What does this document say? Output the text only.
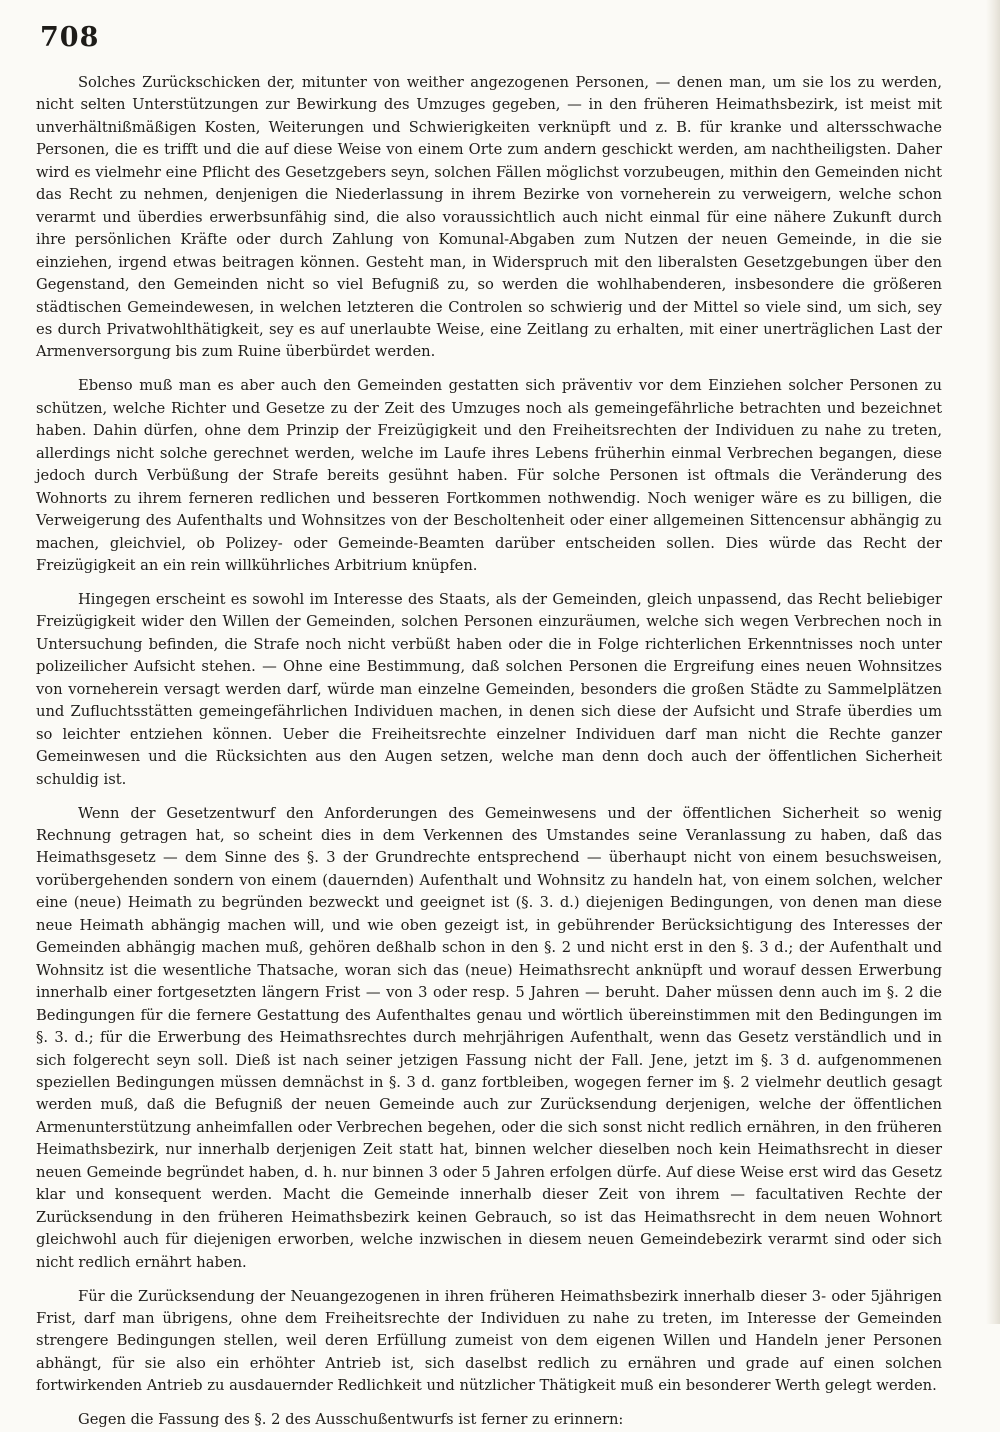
708

Solches Zurückschicken der, mitunter von weither angezogenen Personen, — denen man, um sie los zu werden, nicht selten Unterstützungen zur Bewirkung des Umzuges gegeben, — in den früheren Heimathsbezirk, ist meist mit unverhältnißmäßigen Kosten, Weiterungen und Schwierigkeiten verknüpft und z. B. für kranke und altersschwache Personen, die es trifft und die auf diese Weise von einem Orte zum andern geschickt werden, am nachtheiligsten. Daher wird es vielmehr eine Pflicht des Gesetzgebers seyn, solchen Fällen möglichst vorzubeugen, mithin den Gemeinden nicht das Recht zu nehmen, denjenigen die Niederlassung in ihrem Bezirke von vorneherein zu verweigern, welche schon verarmt und überdies erwerbsunfähig sind, die also voraussichtlich auch nicht einmal für eine nähere Zukunft durch ihre persönlichen Kräfte oder durch Zahlung von Komunal-Abgaben zum Nutzen der neuen Gemeinde, in die sie einziehen, irgend etwas beitragen können. Gesteht man, in Widerspruch mit den liberalsten Gesetzgebungen über den Gegenstand, den Gemeinden nicht so viel Befugniß zu, so werden die wohlhabenderen, insbesondere die größeren städtischen Gemeindewesen, in welchen letzteren die Controlen so schwierig und der Mittel so viele sind, um sich, sey es durch Privatwohlthätigkeit, sey es auf unerlaubte Weise, eine Zeitlang zu erhalten, mit einer unerträglichen Last der Armenversorgung bis zum Ruine überbürdet werden.

Ebenso muß man es aber auch den Gemeinden gestatten sich präventiv vor dem Einziehen solcher Personen zu schützen, welche Richter und Gesetze zu der Zeit des Umzuges noch als gemeingefährliche betrachten und bezeichnet haben. Dahin dürfen, ohne dem Prinzip der Freizügigkeit und den Freiheitsrechten der Individuen zu nahe zu treten, allerdings nicht solche gerechnet werden, welche im Laufe ihres Lebens früherhin einmal Verbrechen begangen, diese jedoch durch Verbüßung der Strafe bereits gesühnt haben. Für solche Personen ist oftmals die Veränderung des Wohnorts zu ihrem ferneren redlichen und besseren Fortkommen nothwendig. Noch weniger wäre es zu billigen, die Verweigerung des Aufenthalts und Wohnsitzes von der Bescholtenheit oder einer allgemeinen Sittencensur abhängig zu machen, gleichviel, ob Polizey- oder Gemeinde-Beamten darüber entscheiden sollen. Dies würde das Recht der Freizügigkeit an ein rein willkührliches Arbitrium knüpfen.

Hingegen erscheint es sowohl im Interesse des Staats, als der Gemeinden, gleich unpassend, das Recht beliebiger Freizügigkeit wider den Willen der Gemeinden, solchen Personen einzuräumen, welche sich wegen Verbrechen noch in Untersuchung befinden, die Strafe noch nicht verbüßt haben oder die in Folge richterlichen Erkenntnisses noch unter polizeilicher Aufsicht stehen. — Ohne eine Bestimmung, daß solchen Personen die Ergreifung eines neuen Wohnsitzes von vorneherein versagt werden darf, würde man einzelne Gemeinden, besonders die großen Städte zu Sammelplätzen und Zufluchtsstätten gemeingefährlichen Individuen machen, in denen sich diese der Aufsicht und Strafe überdies um so leichter entziehen können. Ueber die Freiheitsrechte einzelner Individuen darf man nicht die Rechte ganzer Gemeinwesen und die Rücksichten aus den Augen setzen, welche man denn doch auch der öffentlichen Sicherheit schuldig ist.

Wenn der Gesetzentwurf den Anforderungen des Gemeinwesens und der öffentlichen Sicherheit so wenig Rechnung getragen hat, so scheint dies in dem Verkennen des Umstandes seine Veranlassung zu haben, daß das Heimathsgesetz — dem Sinne des §. 3 der Grundrechte entsprechend — überhaupt nicht von einem besuchsweisen, vorübergehenden sondern von einem (dauernden) Aufenthalt und Wohnsitz zu handeln hat, von einem solchen, welcher eine (neue) Heimath zu begründen bezweckt und geeignet ist (§. 3. d.) diejenigen Bedingungen, von denen man diese neue Heimath abhängig machen will, und wie oben gezeigt ist, in gebührender Berücksichtigung des Interesses der Gemeinden abhängig machen muß, gehören deßhalb schon in den §. 2 und nicht erst in den §. 3 d.; der Aufenthalt und Wohnsitz ist die wesentliche Thatsache, woran sich das (neue) Heimathsrecht anknüpft und worauf dessen Erwerbung innerhalb einer fortgesetzten längern Frist — von 3 oder resp. 5 Jahren — beruht. Daher müssen denn auch im §. 2 die Bedingungen für die fernere Gestattung des Aufenthaltes genau und wörtlich übereinstimmen mit den Bedingungen im §. 3. d.; für die Erwerbung des Heimathsrechtes durch mehrjährigen Aufenthalt, wenn das Gesetz verständlich und in sich folgerecht seyn soll. Dieß ist nach seiner jetzigen Fassung nicht der Fall. Jene, jetzt im §. 3 d. aufgenommenen speziellen Bedingungen müssen demnächst in §. 3 d. ganz fortbleiben, wogegen ferner im §. 2 vielmehr deutlich gesagt werden muß, daß die Befugniß der neuen Gemeinde auch zur Zurücksendung derjenigen, welche der öffentlichen Armenunterstützung anheimfallen oder Verbrechen begehen, oder die sich sonst nicht redlich ernähren, in den früheren Heimathsbezirk, nur innerhalb derjenigen Zeit statt hat, binnen welcher dieselben noch kein Heimathsrecht in dieser neuen Gemeinde begründet haben, d. h. nur binnen 3 oder 5 Jahren erfolgen dürfe. Auf diese Weise erst wird das Gesetz klar und konsequent werden. Macht die Gemeinde innerhalb dieser Zeit von ihrem — facultativen Rechte der Zurücksendung in den früheren Heimathsbezirk keinen Gebrauch, so ist das Heimathsrecht in dem neuen Wohnort gleichwohl auch für diejenigen erworben, welche inzwischen in diesem neuen Gemeindebezirk verarmt sind oder sich nicht redlich ernährt haben.

Für die Zurücksendung der Neuangezogenen in ihren früheren Heimathsbezirk innerhalb dieser 3- oder 5jährigen Frist, darf man übrigens, ohne dem Freiheitsrechte der Individuen zu nahe zu treten, im Interesse der Gemeinden strengere Bedingungen stellen, weil deren Erfüllung zumeist von dem eigenen Willen und Handeln jener Personen abhängt, für sie also ein erhöhter Antrieb ist, sich daselbst redlich zu ernähren und grade auf einen solchen fortwirkenden Antrieb zu ausdauernder Redlichkeit und nützlicher Thätigkeit muß ein besonderer Werth gelegt werden.

Gegen die Fassung des §. 2 des Ausschußentwurfs ist ferner zu erinnern:
